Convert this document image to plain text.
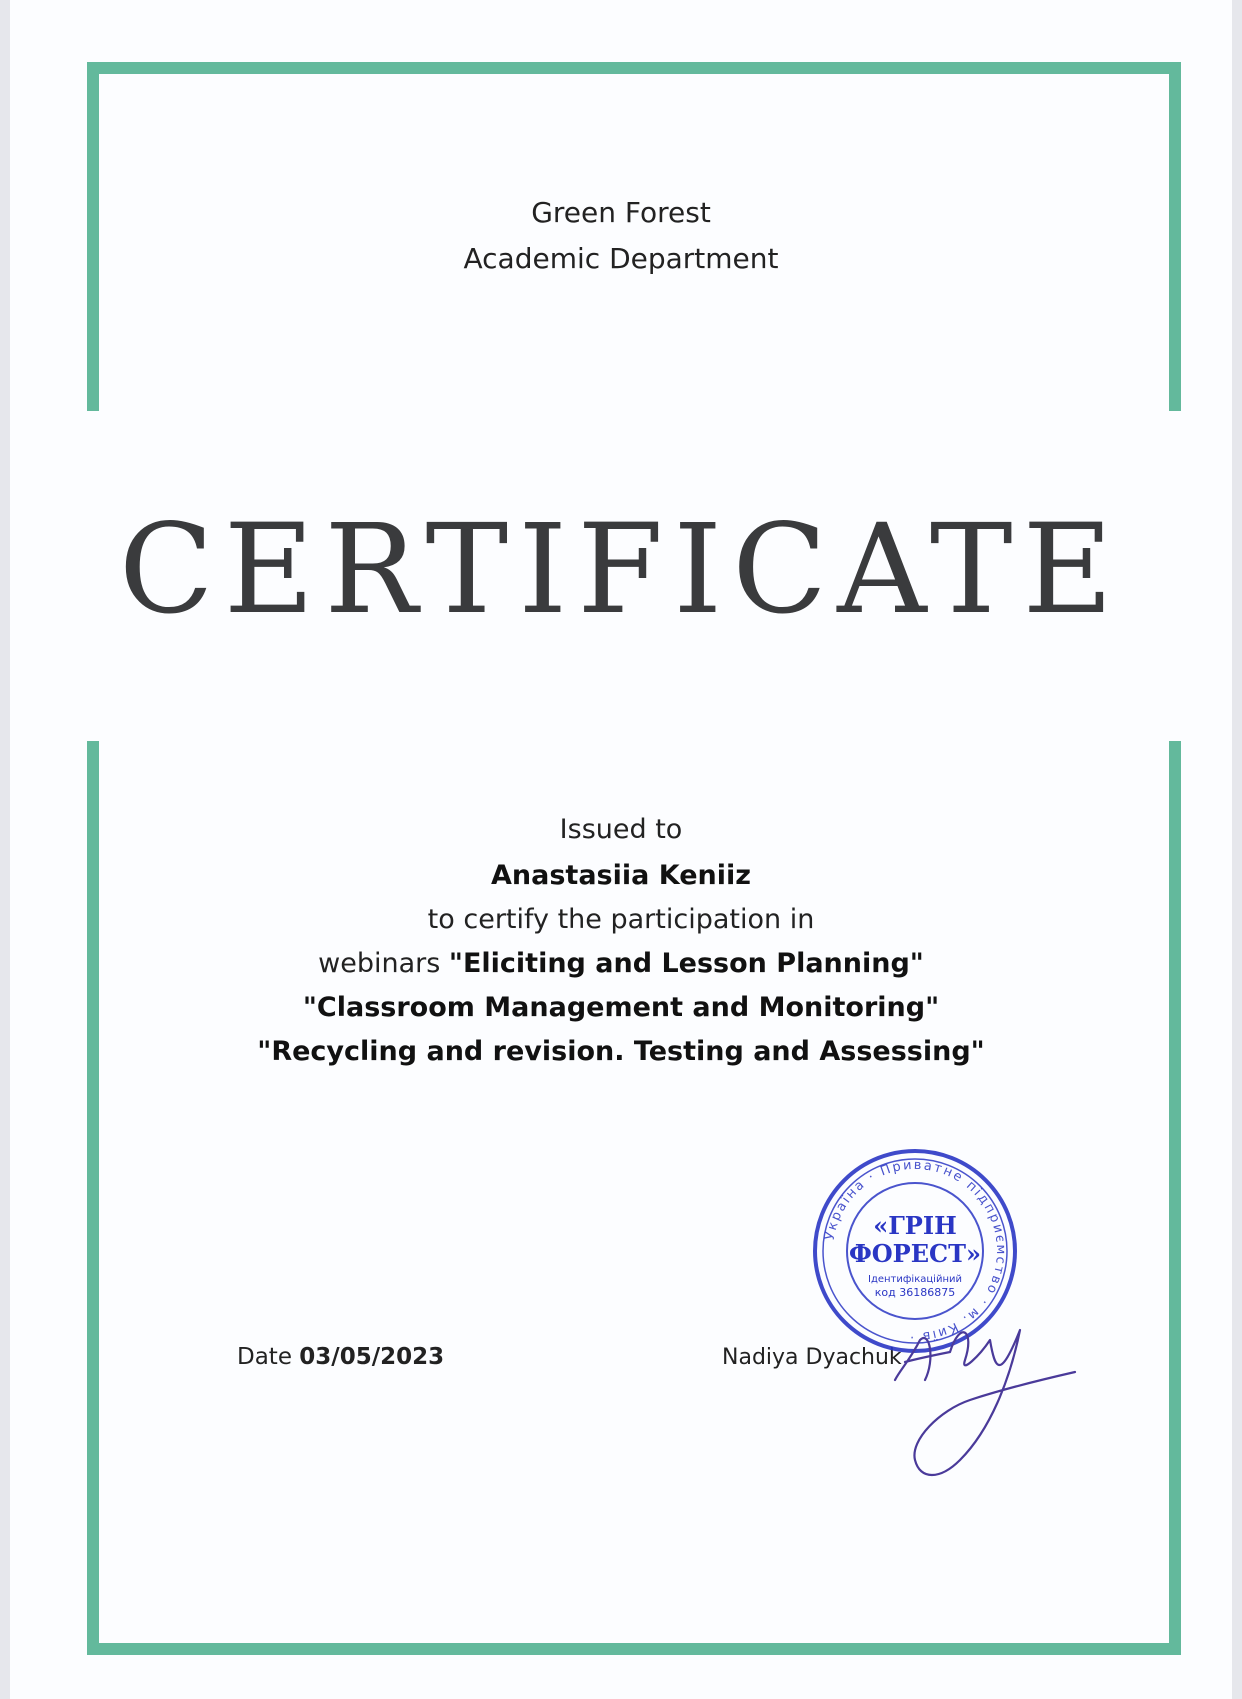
Green Forest
Academic Department
CERTIFICATE
Issued to
Anastasiia Keniiz
to certify the participation in
webinars "Eliciting and Lesson Planning"
"Classroom Management and Monitoring"
"Recycling and revision. Testing and Assessing"
Date 03/05/2023	Nadiya Dyachuk
Україна · Приватне підприємство · м. Київ ·
«ГРІН
ФОРЕСТ»
Ідентифікаційний
код 36186875
